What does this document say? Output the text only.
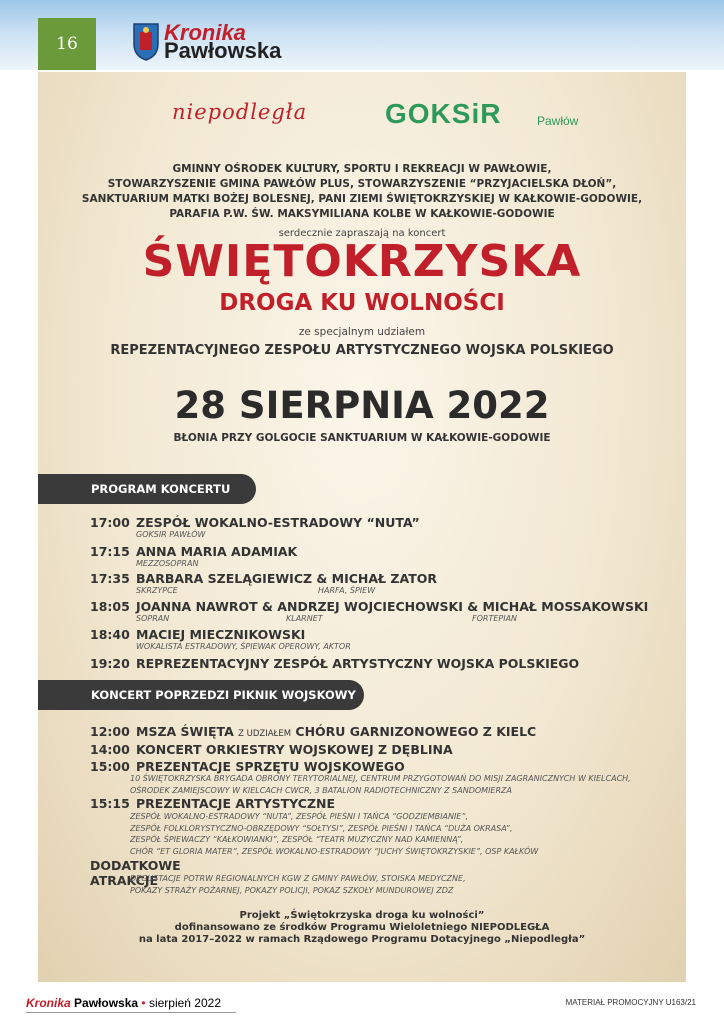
16	Kronika
Pawłowska
niepodległa	GOKSiR	Pawłów
GMINNY OŚRODEK KULTURY, SPORTU I REKREACJI W PAWŁOWIE,
STOWARZYSZENIE GMINA PAWŁÓW PLUS, STOWARZYSZENIE “PRZYJACIELSKA DŁOŃ”,
SANKTUARIUM MATKI BOŻEJ BOLESNEJ, PANI ZIEMI ŚWIĘTOKRZYSKIEJ W KAŁKOWIE-GODOWIE,
PARAFIA P.W. ŚW. MAKSYMILIANA KOLBE W KAŁKOWIE-GODOWIE
serdecznie zapraszają na koncert
ŚWIĘTOKRZYSKA
DROGA KU WOLNOŚCI
ze specjalnym udziałem
REPEZENTACYJNEGO ZESPOŁU ARTYSTYCZNEGO WOJSKA POLSKIEGO
28 SIERPNIA 2022
BŁONIA PRZY GOLGOCIE SANKTUARIUM W KAŁKOWIE-GODOWIE
PROGRAM KONCERTU
17:00 ZESPÓŁ WOKALNO-ESTRADOWY “NUTA”
GOKSIR PAWŁÓW
17:15 ANNA MARIA ADAMIAK
MEZZOSOPRAN
17:35 BARBARA SZELĄGIEWICZ & MICHAŁ ZATOR
SKRZYPCE	HARFA, ŚPIEW
18:05 JOANNA NAWROT & ANDRZEJ WOJCIECHOWSKI & MICHAŁ MOSSAKOWSKI
SOPRAN	KLARNET	FORTEPIAN
18:40 MACIEJ MIECZNIKOWSKI
WOKALISTA ESTRADOWY, ŚPIEWAK OPEROWY, AKTOR
19:20 REPREZENTACYJNY ZESPÓŁ ARTYSTYCZNY WOJSKA POLSKIEGO
KONCERT POPRZEDZI PIKNIK WOJSKOWY
12:00 MSZA ŚWIĘTA Z UDZIAŁEM CHÓRU GARNIZONOWEGO Z KIELC
14:00 KONCERT ORKIESTRY WOJSKOWEJ Z DĘBLINA
15:00 PREZENTACJE SPRZĘTU WOJSKOWEGO
10 ŚWIĘTOKRZYSKA BRYGADA OBRONY TERYTORIALNEJ, CENTRUM PRZYGOTOWAŃ DO MISJI ZAGRANICZNYCH W KIELCACH,
OŚRODEK ZAMIEJSCOWY W KIELCACH CWCR, 3 BATALION RADIOTECHNICZNY Z SANDOMIERZA
15:15 PREZENTACJE ARTYSTYCZNE
ZESPÓŁ WOKALNO-ESTRADOWY “NUTA”, ZESPÓŁ PIEŚNI I TAŃCA “GODZIEMBIANIE”,
ZESPÓŁ FOLKLORYSTYCZNO-OBRZĘDOWY “SOŁTYSI”, ZESPÓŁ PIEŚNI I TAŃCA “DUŻA OKRASA”,
ZESPÓŁ ŚPIEWACZY “KAŁKOWIANKI”, ZESPÓŁ “TEATR MUZYCZNY NAD KAMIENNĄ”,
CHÓR “ET GLORIA MATER”, ZESPÓŁ WOKALNO-ESTRADOWY “JUCHY ŚWIĘTOKRZYSKIE”, OSP KAŁKÓW
DODATKOWE ATRAKCJE
DEGUSTACJE POTRW REGIONALNYCH KGW Z GMINY PAWŁÓW, STOISKA MEDYCZNE,
POKAZY STRAŻY POŻARNEJ, POKAZY POLICJI, POKAZ SZKOŁY MUNDUROWEJ ZDZ
Projekt „Świętokrzyska droga ku wolności”
dofinansowano ze środków Programu Wieloletniego NIEPODLEGŁA
na lata 2017–2022 w ramach Rządowego Programu Dotacyjnego „Niepodległa”
Kronika Pawłowska • sierpień 2022	MATERIAŁ PROMOCYJNY U163/21
